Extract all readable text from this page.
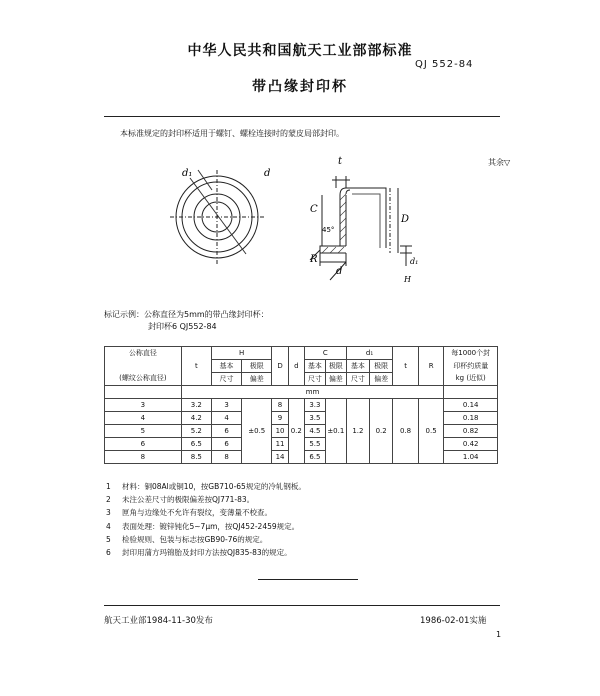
中华人民共和国航天工业部部标准
QJ 552-84
带凸缘封印杯
本标准规定的封印杯适用于螺钉、螺栓连接时的蒙皮局部封印。
d₁	d
t
C
45°
D
R
d
d₁
H
其余▽
标记示例：公称直径为5mm的带凸缘封印杯：
封印杯6 QJ552-84
公称直径	t	H		D	d	C		d₁		t	R	每1000个封
		基本	极限			基本	极限	基本	极限			印杯约质量
(螺纹公称直径)		尺寸	偏差			尺寸	偏差	尺寸	偏差			kg (近似)
	mm											
3	3.2	3	±0.5	8	0.2	3.3	±0.1	1.2	0.2	0.8	0.5	0.14
4	4.2	4		9		3.5						0.18
5	5.2	6		10		4.5						0.82
6	6.5	6		11		5.5						0.42
8	8.5	8		14		6.5						1.04
1 材料：铜08Al或铜10，按GB710-65规定的冷轧钢板。
2 未注公差尺寸的极限偏差按QJ771-83。
3 匣角与边缘处不允许有裂纹，变薄量不校查。
4 表面处理：镀锌钝化5~7μm，按QJ452-2459规定。
5 检验规则、包装与标志按GB90-76的规定。
6 封印用蒲方玛锦胎及封印方法按QJ835-83的规定。
航天工业部1984-11-30发布	1986-02-01实施
1
